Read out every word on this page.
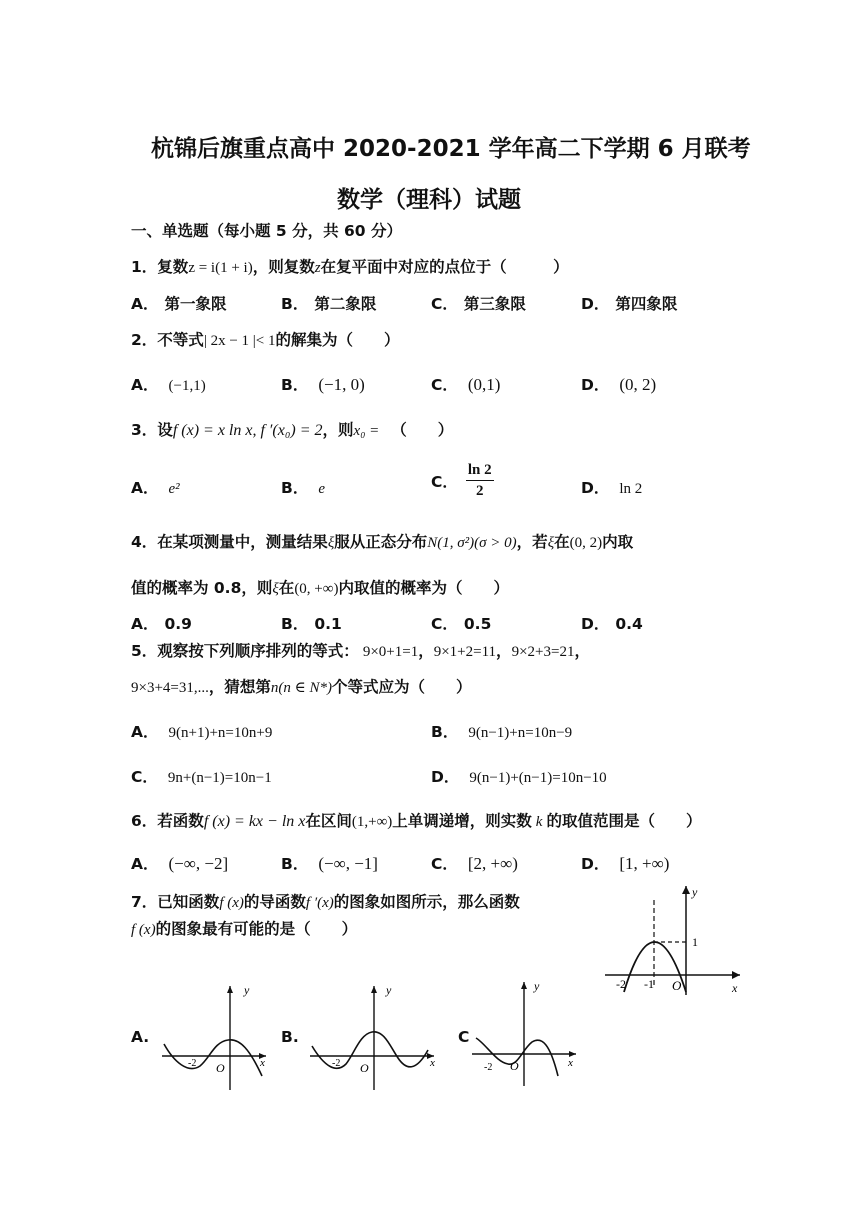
杭锦后旗重点高中 2020-2021 学年高二下学期 6 月联考
数学（理科）试题
一、单选题（每小题 5 分，共 60 分）
1．复数z = i(1 + i)，则复数z在复平面中对应的点位于（　　　）
A． 第一象限	B． 第二象限	C． 第三象限	D． 第四象限
2．不等式| 2x − 1 |< 1的解集为（　　）
A． (−1,1)	B． (−1, 0)	C． (0,1)	D． (0, 2)
3．设f (x) = x ln x, f ′(x₀) = 2，则x₀ = （　　）
A． e²	B． e	C． $\frac{\ln 2}{2}$	D． ln 2
4．在某项测量中，测量结果ξ服从正态分布N(1, σ²)(σ > 0)，若ξ在(0, 2)内取
值的概率为 0.8，则ξ在(0, +∞)内取值的概率为（　　）
A． 0.9	B． 0.1	C． 0.5	D． 0.4
5．观察按下列顺序排列的等式： 9×0+1=1，9×1+2=11，9×2+3=21，
9×3+4=31,...，猜想第n(n ∈ N*)个等式应为（　　）
A． 9(n+1)+n=10n+9	B． 9(n−1)+n=10n−9
C． 9n+(n−1)=10n−1	D． 9(n−1)+(n−1)=10n−10
6．若函数f (x) = kx − ln x在区间(1,+∞)上单调递增，则实数 k 的取值范围是（　　）
A． (−∞, −2]	B． (−∞, −1]	C． [2, +∞)	D． [1, +∞)
7．已知函数f (x)的导函数f ′(x)的图象如图所示，那么函数
f (x)的图象最有可能的是（　　）
y
x
O
1
-1
-2
A.
y
x
O
-2
B.
y
x
O
-2
C
y
x
O
-2
